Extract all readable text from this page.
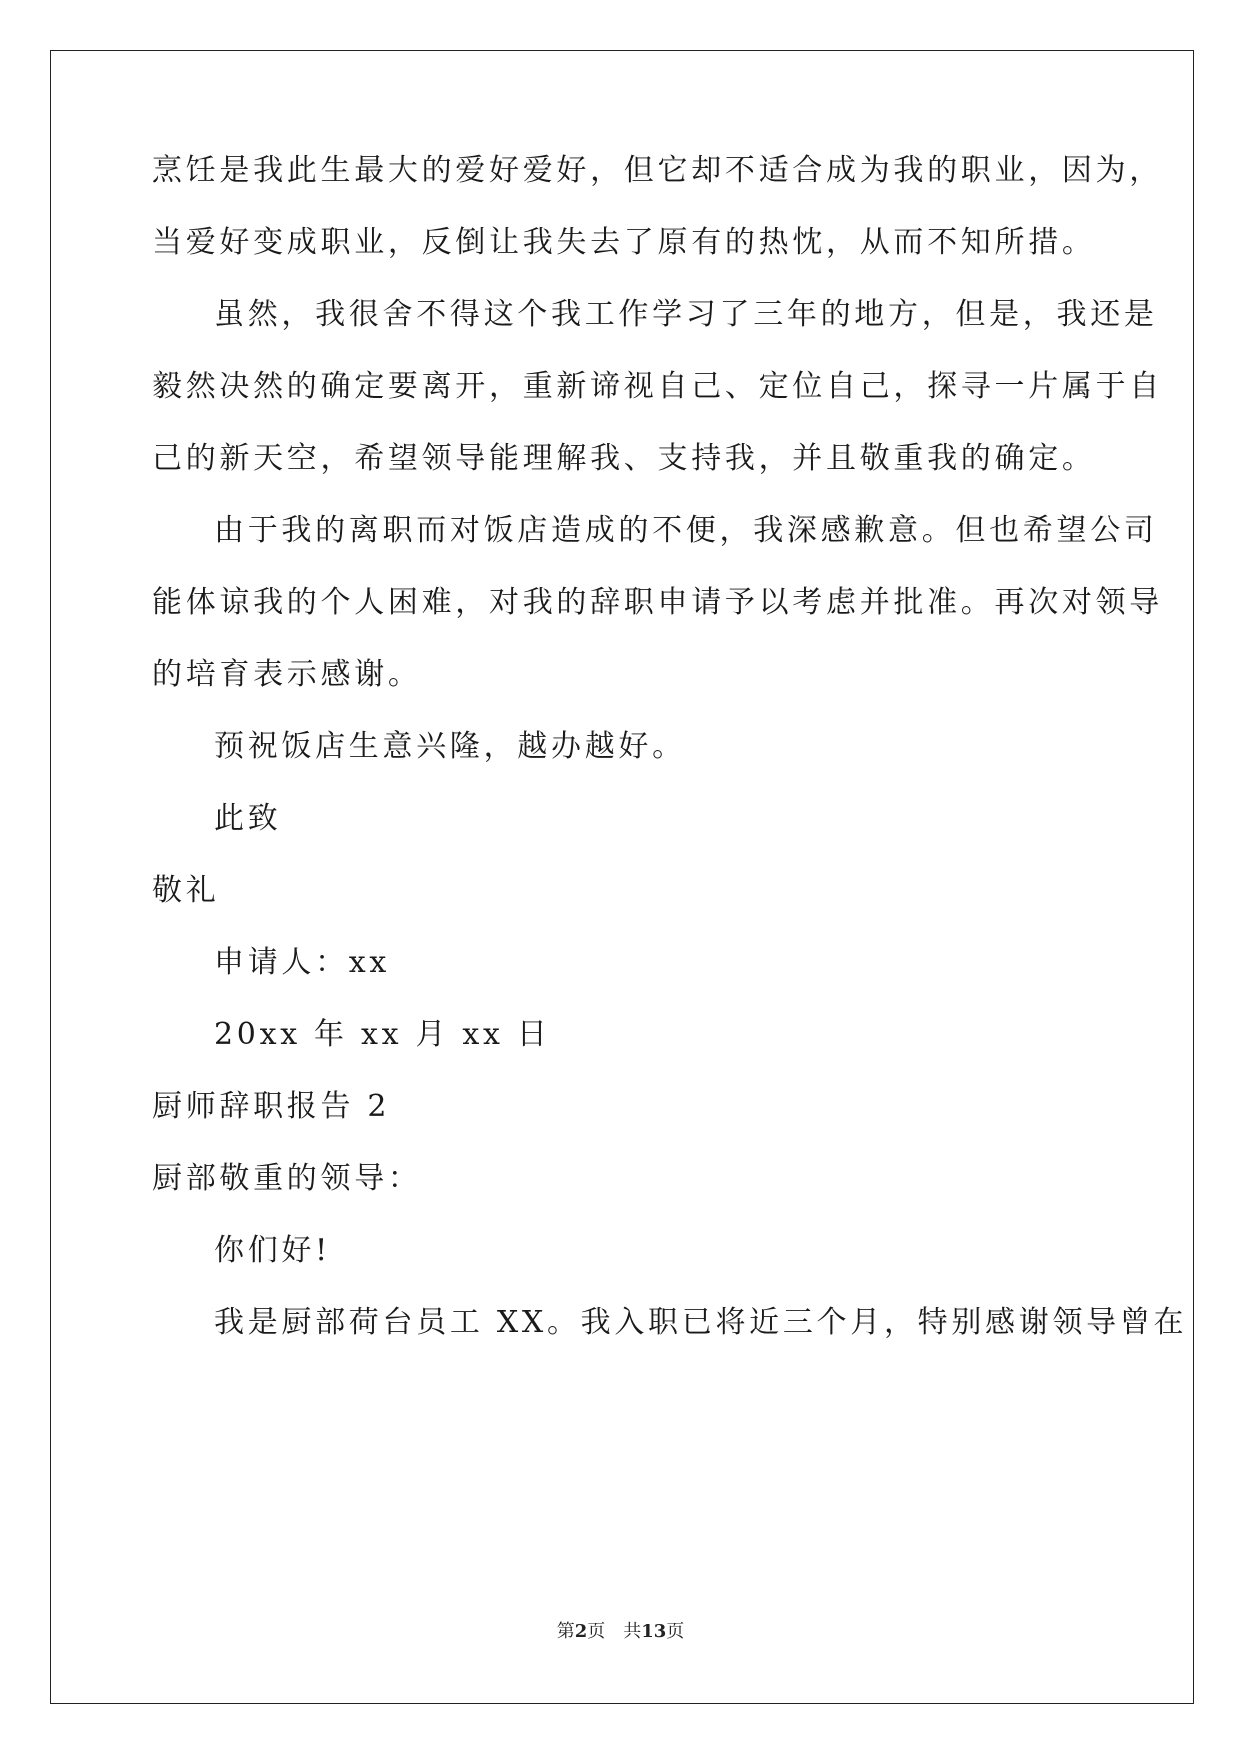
烹饪是我此生最大的爱好爱好，但它却不适合成为我的职业，因为，
当爱好变成职业，反倒让我失去了原有的热忱，从而不知所措。
虽然，我很舍不得这个我工作学习了三年的地方，但是，我还是
毅然决然的确定要离开，重新谛视自己、定位自己，探寻一片属于自
己的新天空，希望领导能理解我、支持我，并且敬重我的确定。
由于我的离职而对饭店造成的不便，我深感歉意。但也希望公司
能体谅我的个人困难，对我的辞职申请予以考虑并批准。再次对领导
的培育表示感谢。
预祝饭店生意兴隆，越办越好。
此致
敬礼
申请人：xx
20xx 年 xx 月 xx 日
厨师辞职报告 2
厨部敬重的领导：
你们好!
我是厨部荷台员工 XX。我入职已将近三个月，特别感谢领导曾在
第2页　共13页
